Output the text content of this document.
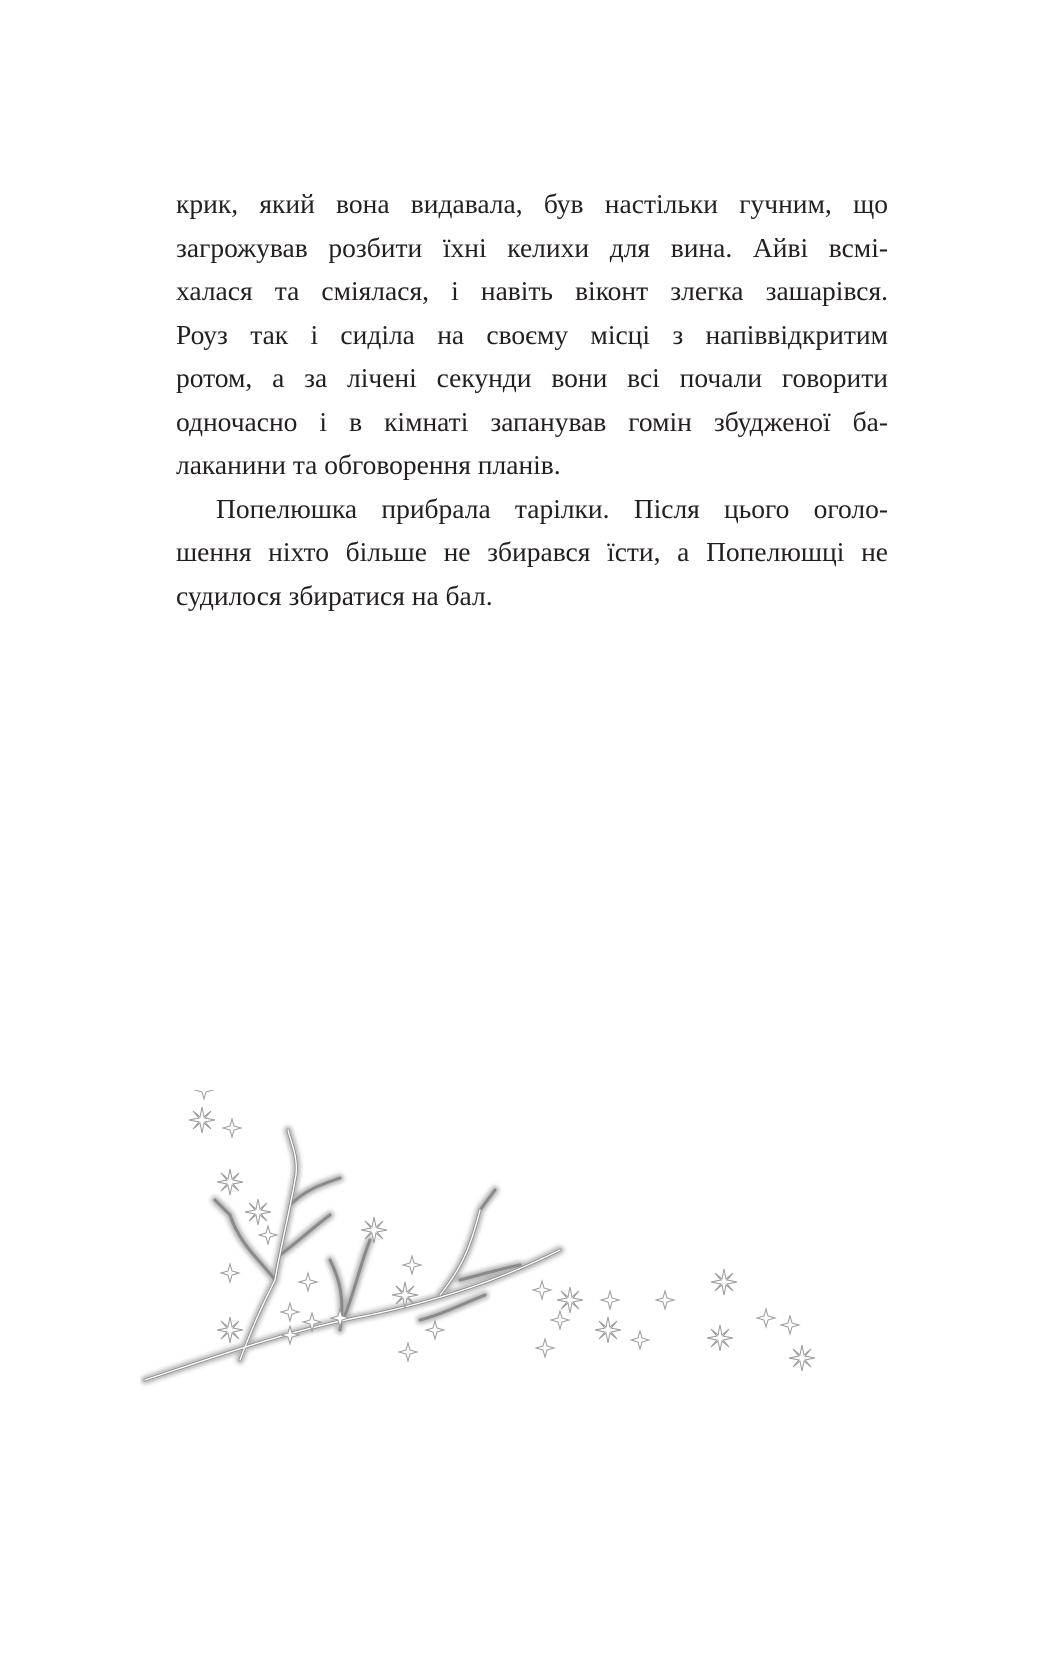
крик, який вона видавала, був настільки гучним, що
загрожував розбити їхні келихи для вина. Айві всмі-
халася та сміялася, і навіть віконт злегка зашарівся.
Роуз так і сиділа на своєму місці з напіввідкритим
ротом, а за лічені секунди вони всі почали говорити
одночасно і в кімнаті запанував гомін збудженої ба-
лаканини та обговорення планів.
Попелюшка прибрала тарілки. Після цього оголо-
шення ніхто більше не збирався їсти, а Попелюшці не
судилося збиратися на бал.
